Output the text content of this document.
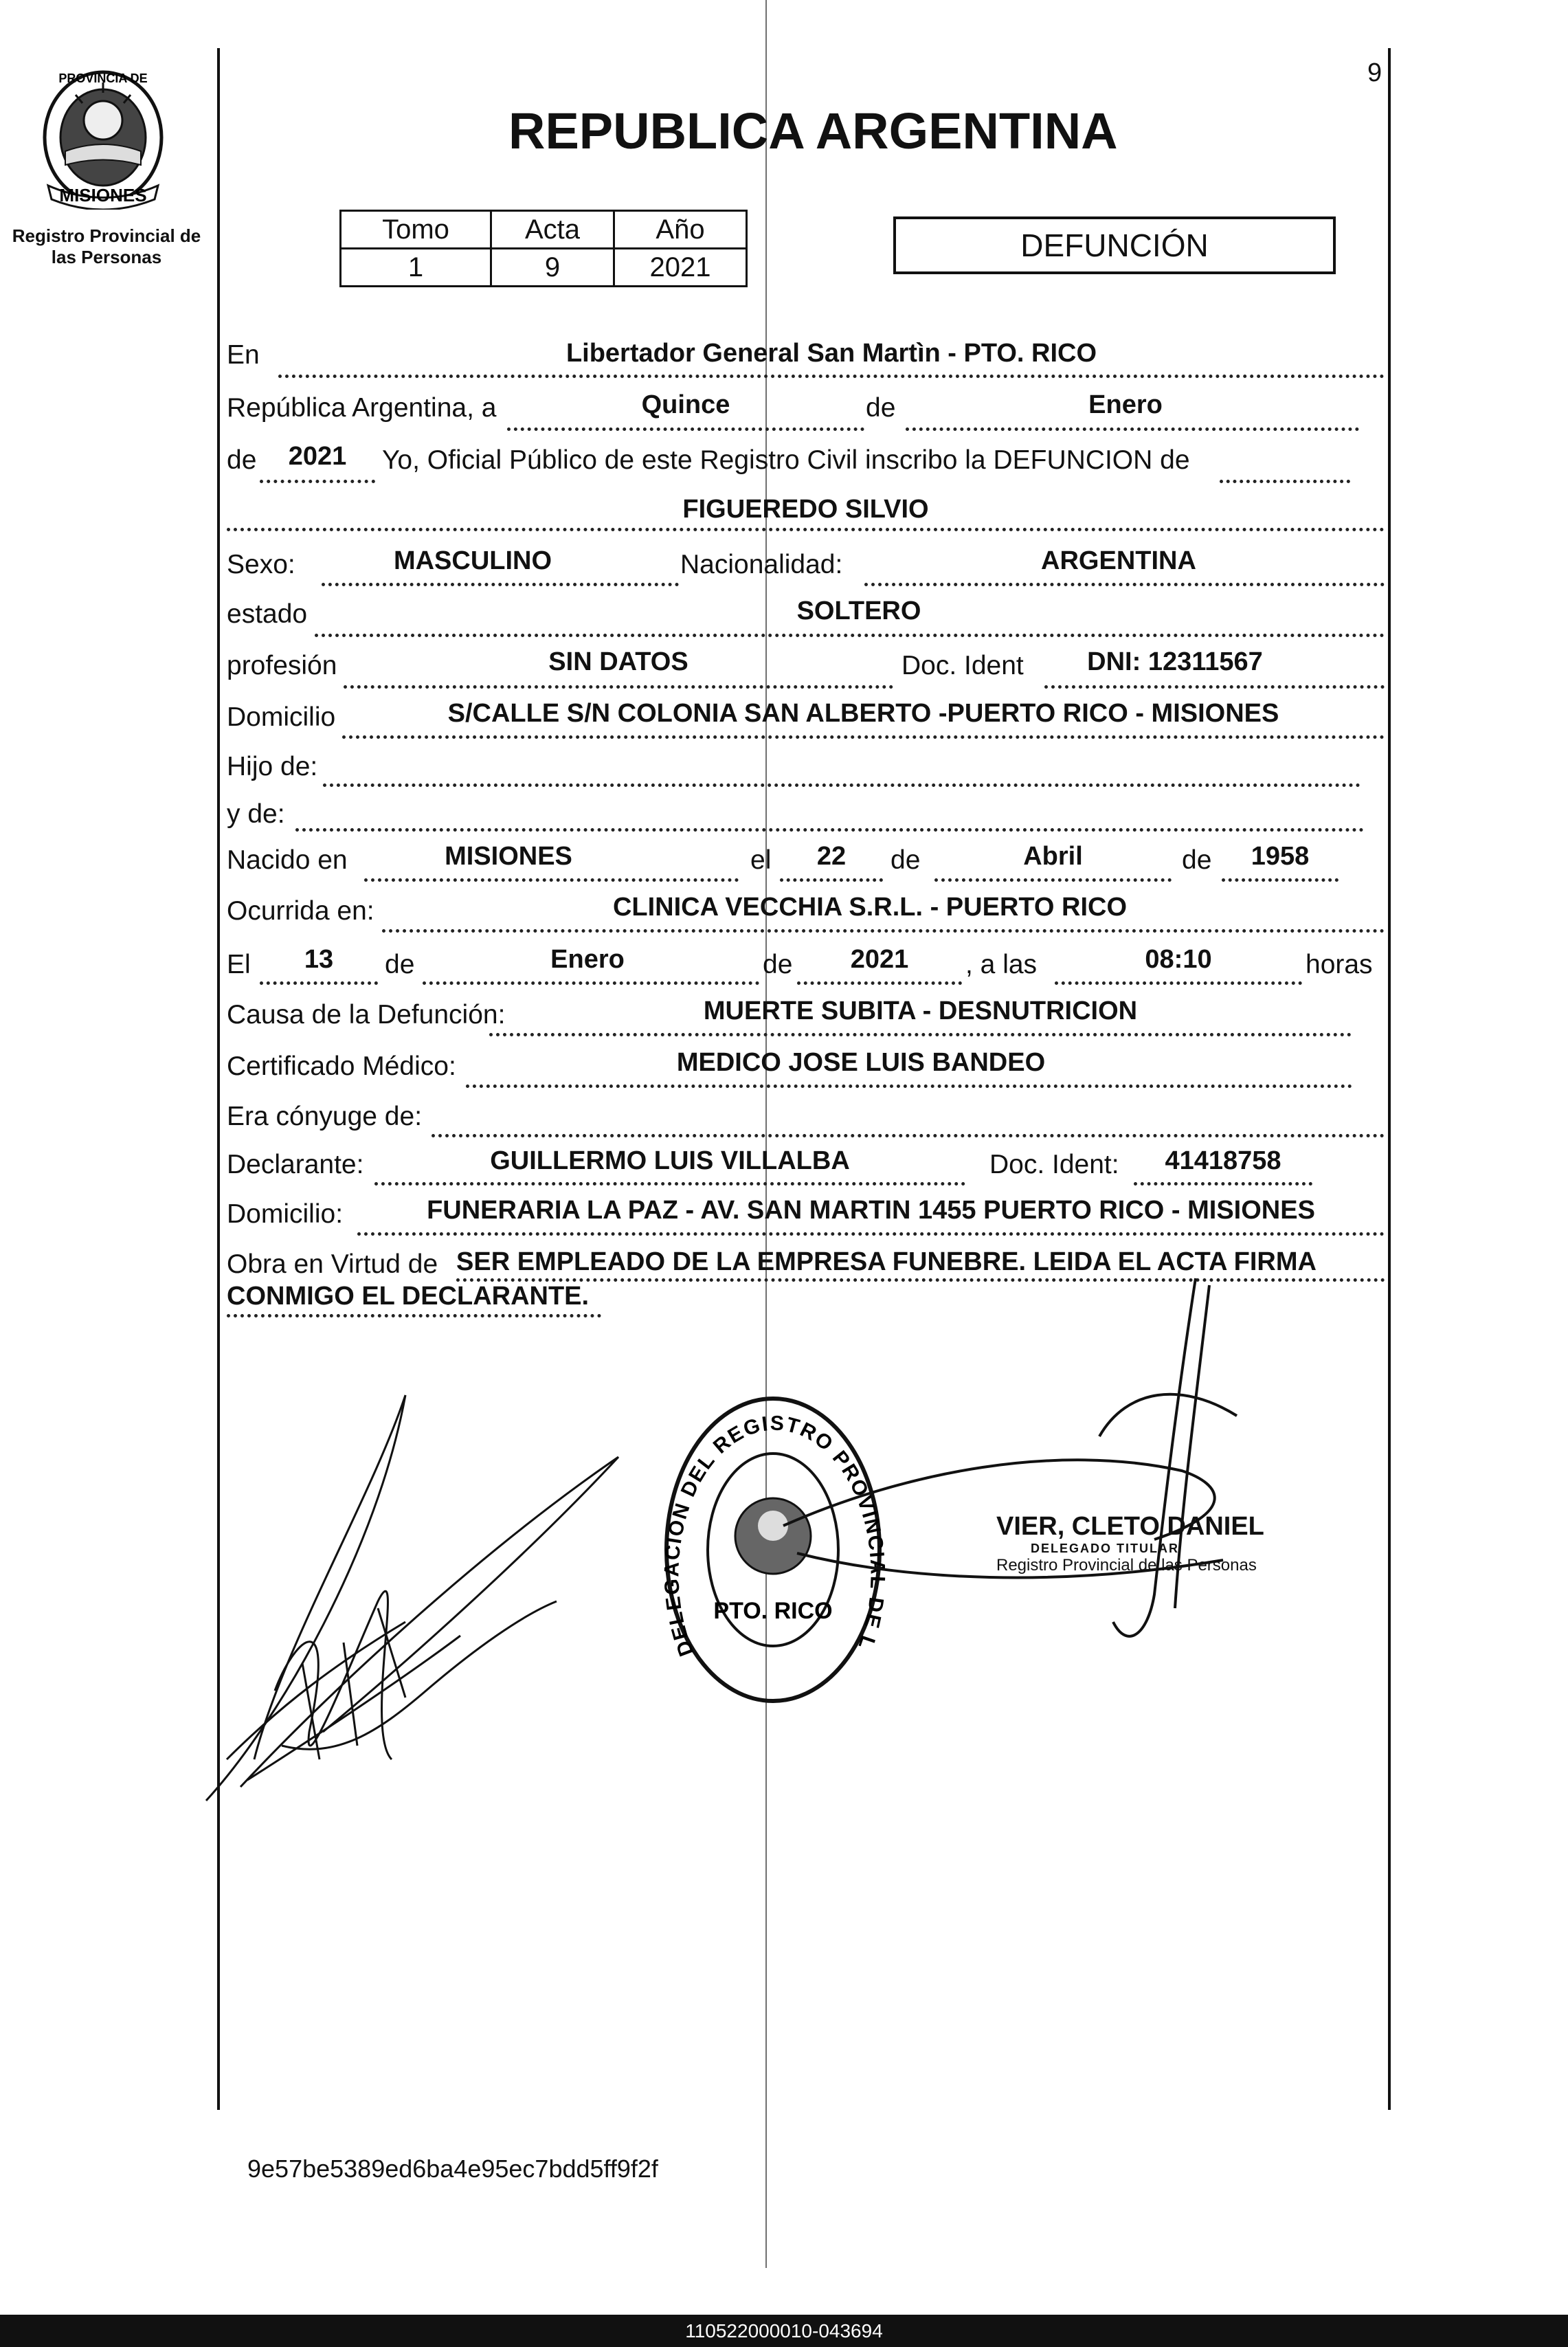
9
MISIONES
PROVINCIA DE
Registro Provincial de
las Personas
REPUBLICA ARGENTINA
Tomo	Acta	Año
1	9	2021
DEFUNCIÓN
En	Libertador General San Martìn - PTO. RICO
República Argentina, a	Quince	de	Enero
de	2021	Yo, Oficial Público de este Registro Civil inscribo la DEFUNCION de
FIGUEREDO SILVIO
Sexo:	MASCULINO	Nacionalidad:	ARGENTINA
estado	SOLTERO
profesión	SIN DATOS	Doc. Ident	DNI: 12311567
Domicilio	S/CALLE S/N COLONIA SAN ALBERTO -PUERTO RICO - MISIONES
Hijo de:
y de:
Nacido en	MISIONES	el	22	de	Abril	de	1958
Ocurrida en:	CLINICA VECCHIA S.R.L. - PUERTO RICO
El	13	de	Enero	de	2021	, a las	08:10	horas
Causa de la Defunción:	MUERTE SUBITA - DESNUTRICION
Certificado Médico:	MEDICO JOSE LUIS BANDEO
Era cónyuge de:
Declarante:	GUILLERMO LUIS VILLALBA	Doc. Ident:	41418758
Domicilio:	FUNERARIA LA PAZ - AV. SAN MARTIN 1455 PUERTO RICO - MISIONES
Obra en Virtud de SER EMPLEADO DE LA EMPRESA FUNEBRE. LEIDA EL ACTA FIRMA
CONMIGO EL DECLARANTE.
DELEGACION DEL REGISTRO PROVINCI DE L
PTO. RICO
VIER, CLETO DANIEL
DELEGADO TITULAR
Registro Provincial de las Personas
9e57be5389ed6ba4e95ec7bdd5ff9f2f
110522000010-043694
